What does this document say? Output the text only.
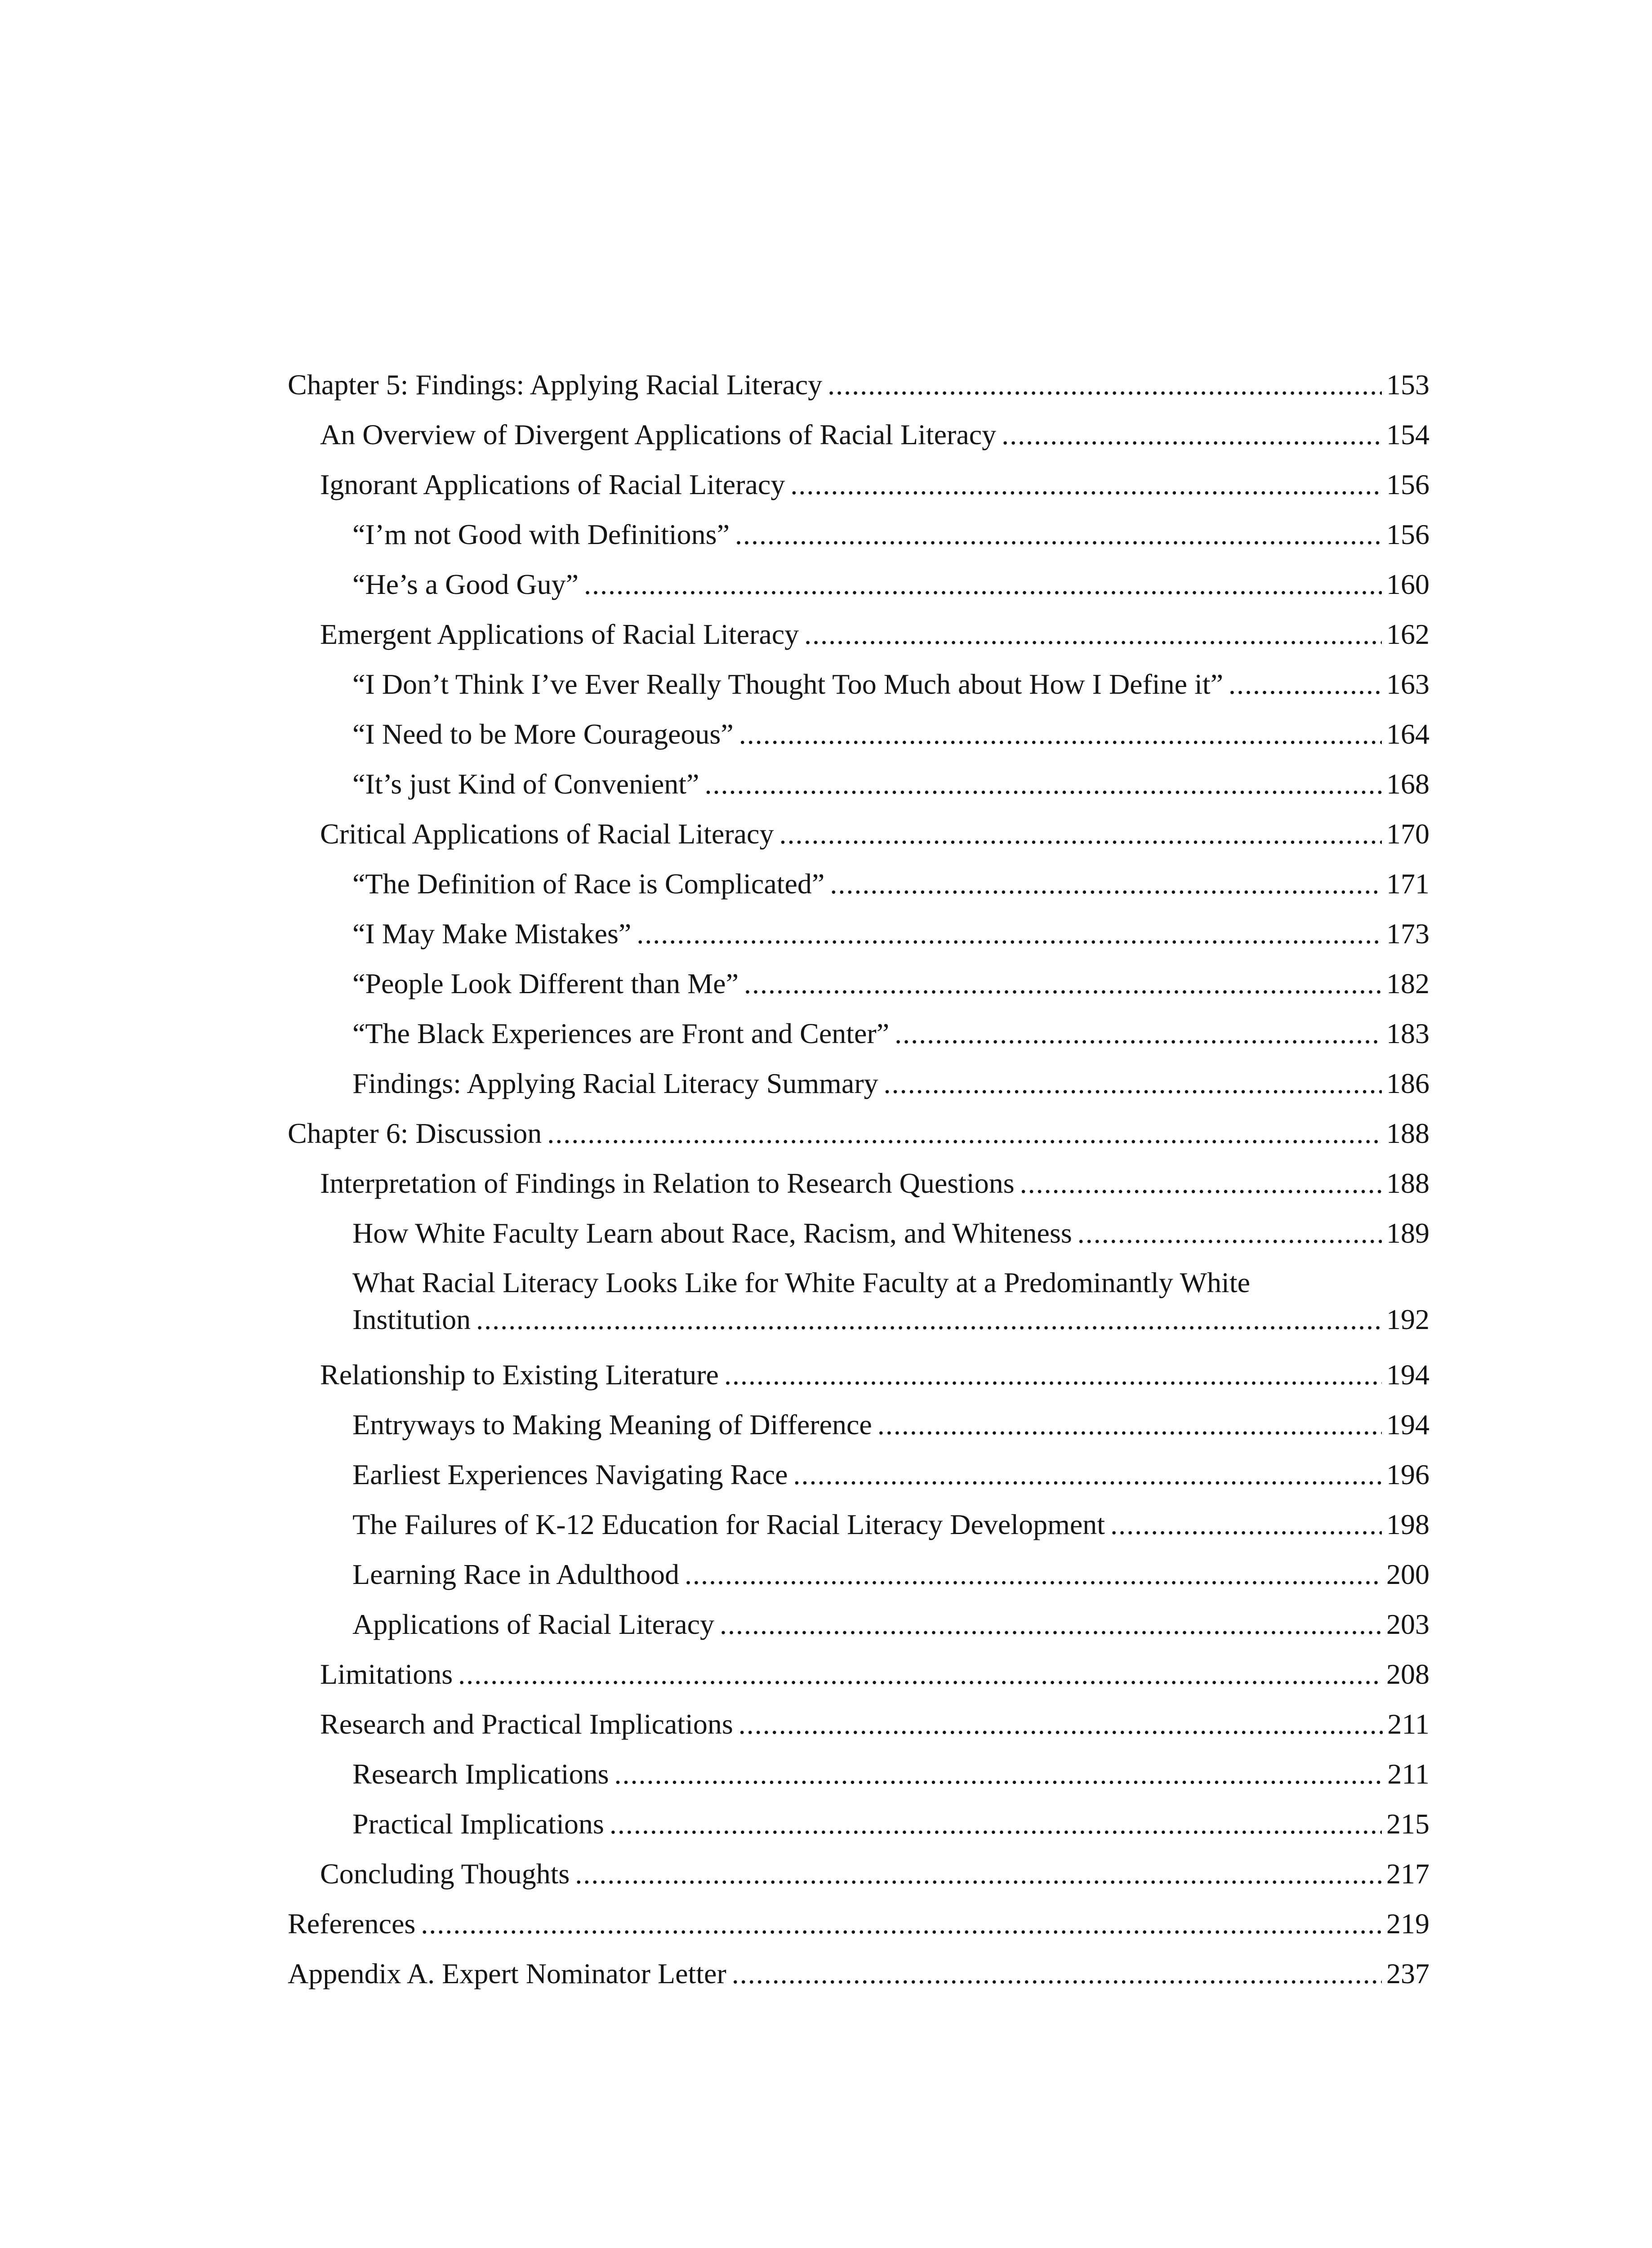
Chapter 5: Findings: Applying Racial Literacy .....	153
An Overview of Divergent Applications of Racial Literacy .....	154
Ignorant Applications of Racial Literacy .....	156
“I’m not Good with Definitions” .....	156
“He’s a Good Guy” .....	160
Emergent Applications of Racial Literacy .....	162
“I Don’t Think I’ve Ever Really Thought Too Much about How I Define it” .....	163
“I Need to be More Courageous” .....	164
“It’s just Kind of Convenient” .....	168
Critical Applications of Racial Literacy .....	170
“The Definition of Race is Complicated” .....	171
“I May Make Mistakes” .....	173
“People Look Different than Me” .....	182
“The Black Experiences are Front and Center” .....	183
Findings: Applying Racial Literacy Summary .....	186
Chapter 6: Discussion .....	188
Interpretation of Findings in Relation to Research Questions .....	188
How White Faculty Learn about Race, Racism, and Whiteness .....	189
What Racial Literacy Looks Like for White Faculty at a Predominantly White
Institution .....	192
Relationship to Existing Literature .....	194
Entryways to Making Meaning of Difference .....	194
Earliest Experiences Navigating Race .....	196
The Failures of K-12 Education for Racial Literacy Development .....	198
Learning Race in Adulthood .....	200
Applications of Racial Literacy .....	203
Limitations .....	208
Research and Practical Implications .....	211
Research Implications .....	211
Practical Implications .....	215
Concluding Thoughts .....	217
References .....	219
Appendix A. Expert Nominator Letter .....	237
